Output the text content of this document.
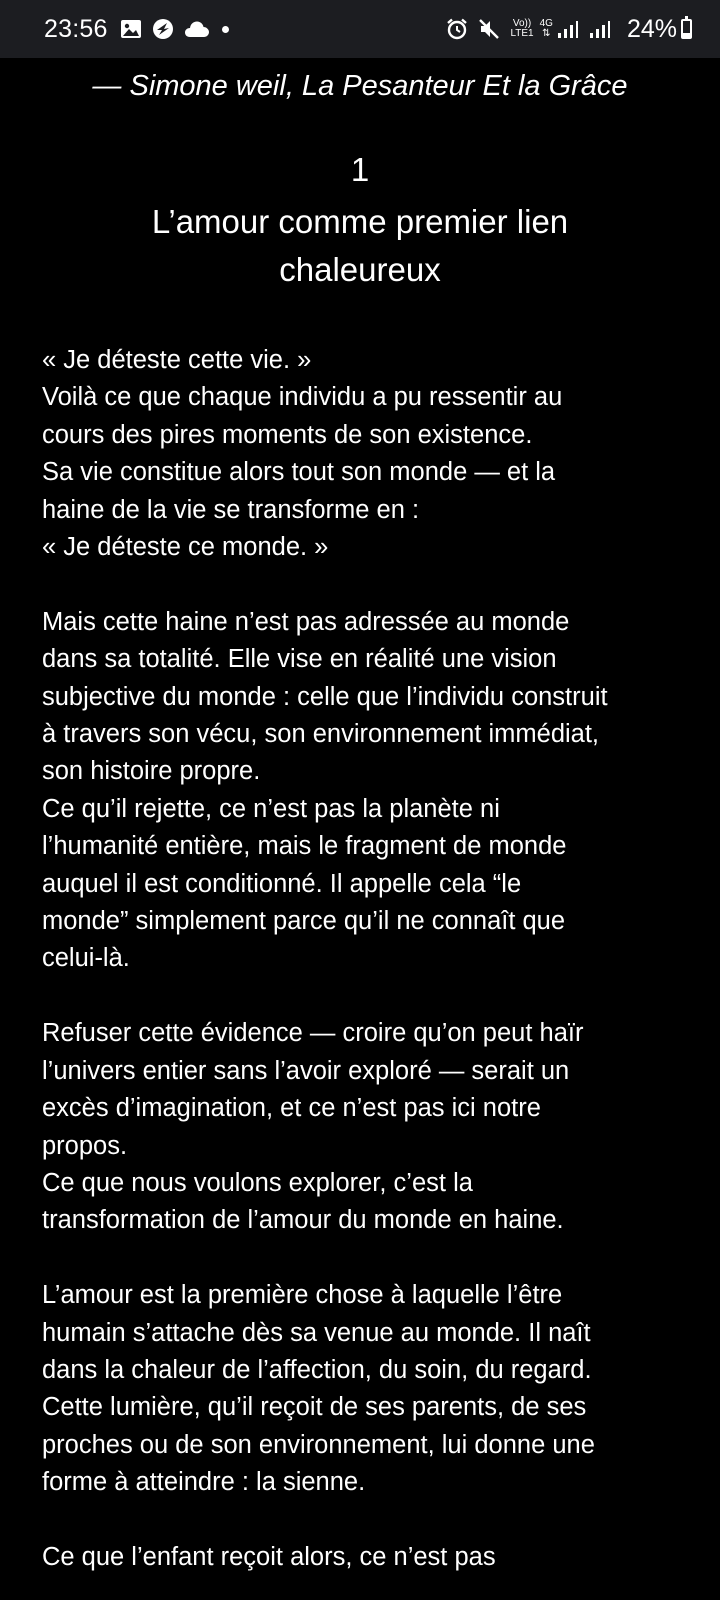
23:56	Vo))
LTE1
4G
⇅	24%
— Simone weil, La Pesanteur Et la Grâce
1
L’amour comme premier lien chaleureux
« Je déteste cette vie. »
Voilà ce que chaque individu a pu ressentir au
cours des pires moments de son existence.
Sa vie constitue alors tout son monde — et la
haine de la vie se transforme en :
« Je déteste ce monde. »
Mais cette haine n’est pas adressée au monde
dans sa totalité. Elle vise en réalité une vision
subjective du monde : celle que l’individu construit
à travers son vécu, son environnement immédiat,
son histoire propre.
Ce qu’il rejette, ce n’est pas la planète ni
l’humanité entière, mais le fragment de monde
auquel il est conditionné. Il appelle cela “le
monde” simplement parce qu’il ne connaît que
celui-là.
Refuser cette évidence — croire qu’on peut haïr
l’univers entier sans l’avoir exploré — serait un
excès d’imagination, et ce n’est pas ici notre
propos.
Ce que nous voulons explorer, c’est la
transformation de l’amour du monde en haine.
L’amour est la première chose à laquelle l’être
humain s’attache dès sa venue au monde. Il naît
dans la chaleur de l’affection, du soin, du regard.
Cette lumière, qu’il reçoit de ses parents, de ses
proches ou de son environnement, lui donne une
forme à atteindre : la sienne.
Ce que l’enfant reçoit alors, ce n’est pas
